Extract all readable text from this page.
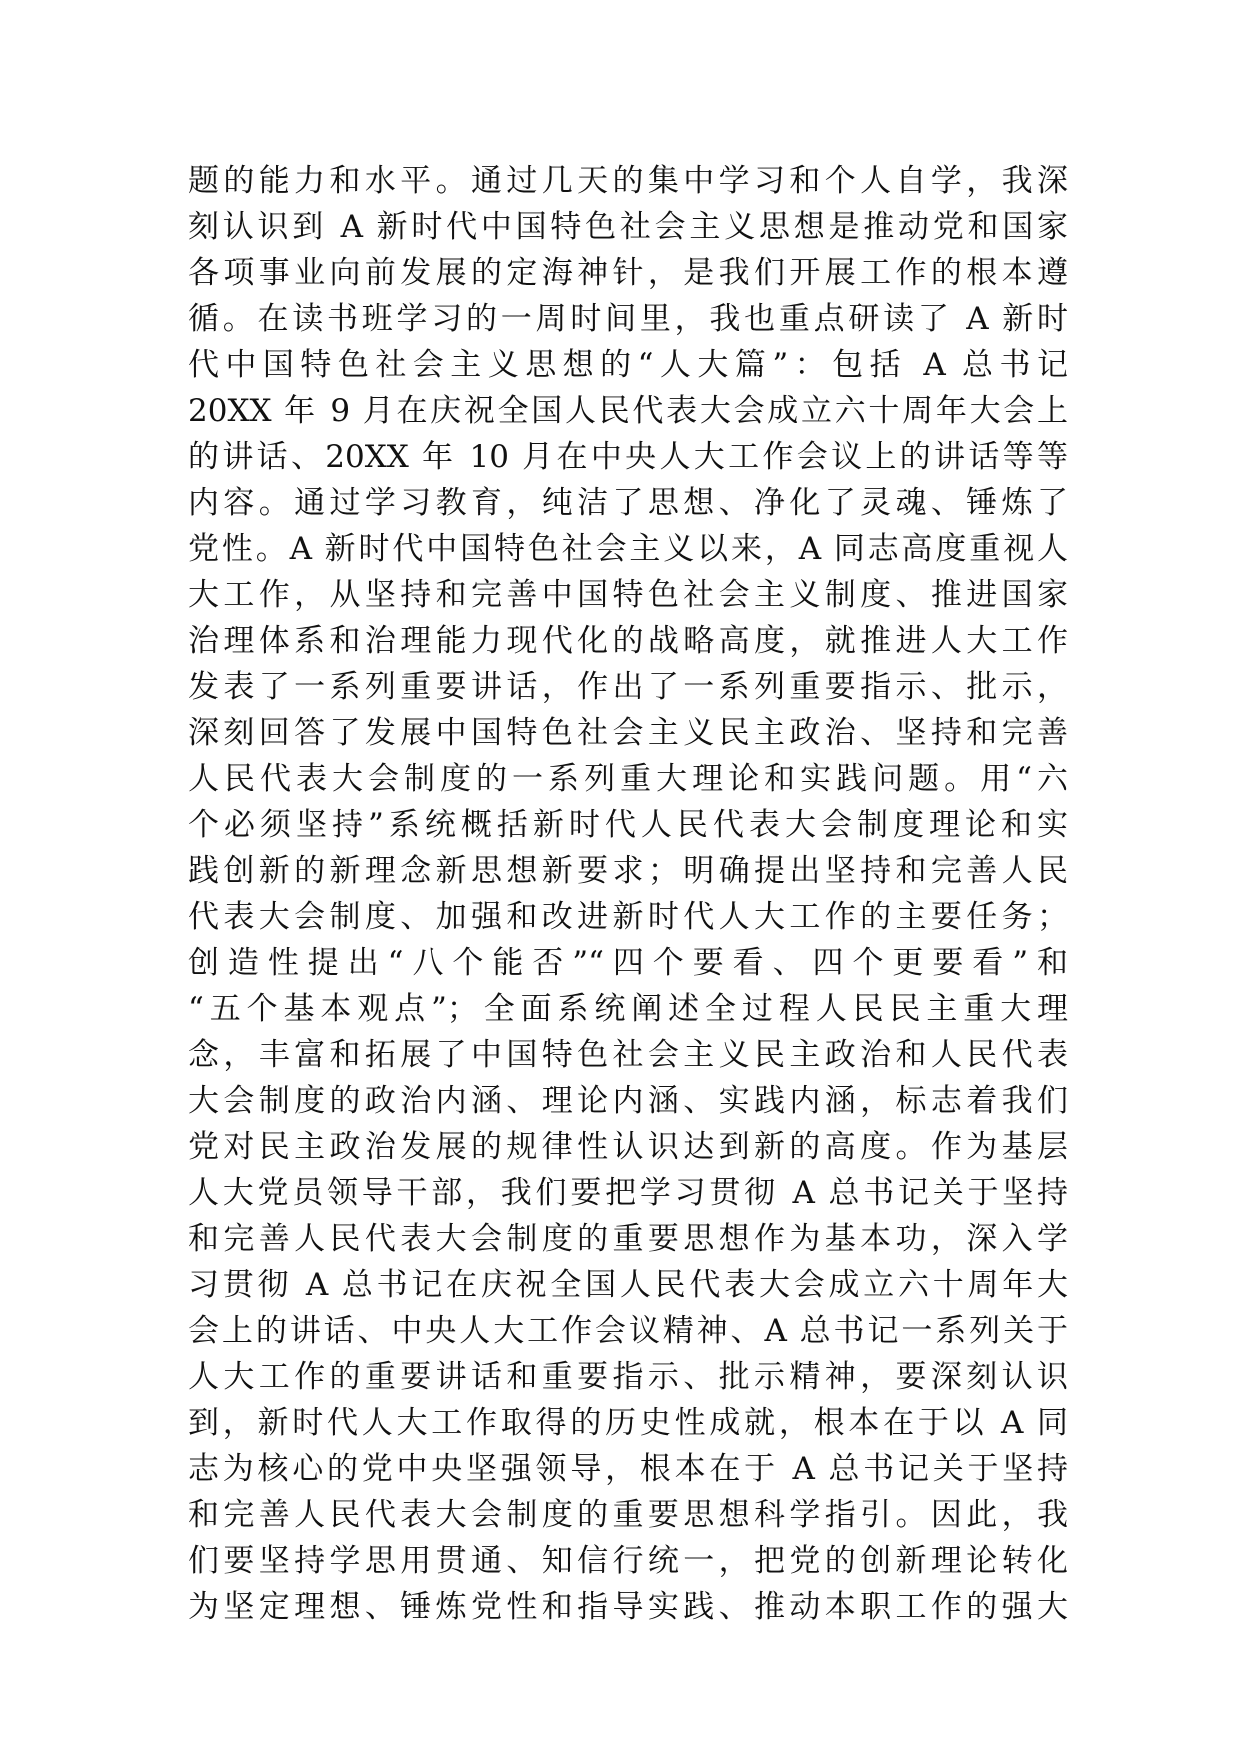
题的能力和水平。通过几天的集中学习和个人自学，我深
刻认识到 A 新时代中国特色社会主义思想是推动党和国家
各项事业向前发展的定海神针，是我们开展工作的根本遵
循。在读书班学习的一周时间里，我也重点研读了 A 新时
代中国特色社会主义思想的“人大篇”：包括 A 总书记
20XX 年 9 月在庆祝全国人民代表大会成立六十周年大会上
的讲话、20XX 年 10 月在中央人大工作会议上的讲话等等
内容。通过学习教育，纯洁了思想、净化了灵魂、锤炼了
党性。A 新时代中国特色社会主义以来，A 同志高度重视人
大工作，从坚持和完善中国特色社会主义制度、推进国家
治理体系和治理能力现代化的战略高度，就推进人大工作
发表了一系列重要讲话，作出了一系列重要指示、批示，
深刻回答了发展中国特色社会主义民主政治、坚持和完善
人民代表大会制度的一系列重大理论和实践问题。用“六
个必须坚持”系统概括新时代人民代表大会制度理论和实
践创新的新理念新思想新要求；明确提出坚持和完善人民
代表大会制度、加强和改进新时代人大工作的主要任务；
创造性提出“八个能否”“四个要看、四个更要看”和
“五个基本观点”；全面系统阐述全过程人民民主重大理
念，丰富和拓展了中国特色社会主义民主政治和人民代表
大会制度的政治内涵、理论内涵、实践内涵，标志着我们
党对民主政治发展的规律性认识达到新的高度。作为基层
人大党员领导干部，我们要把学习贯彻 A 总书记关于坚持
和完善人民代表大会制度的重要思想作为基本功，深入学
习贯彻 A 总书记在庆祝全国人民代表大会成立六十周年大
会上的讲话、中央人大工作会议精神、A 总书记一系列关于
人大工作的重要讲话和重要指示、批示精神，要深刻认识
到，新时代人大工作取得的历史性成就，根本在于以 A 同
志为核心的党中央坚强领导，根本在于 A 总书记关于坚持
和完善人民代表大会制度的重要思想科学指引。因此，我
们要坚持学思用贯通、知信行统一，把党的创新理论转化
为坚定理想、锤炼党性和指导实践、推动本职工作的强大
